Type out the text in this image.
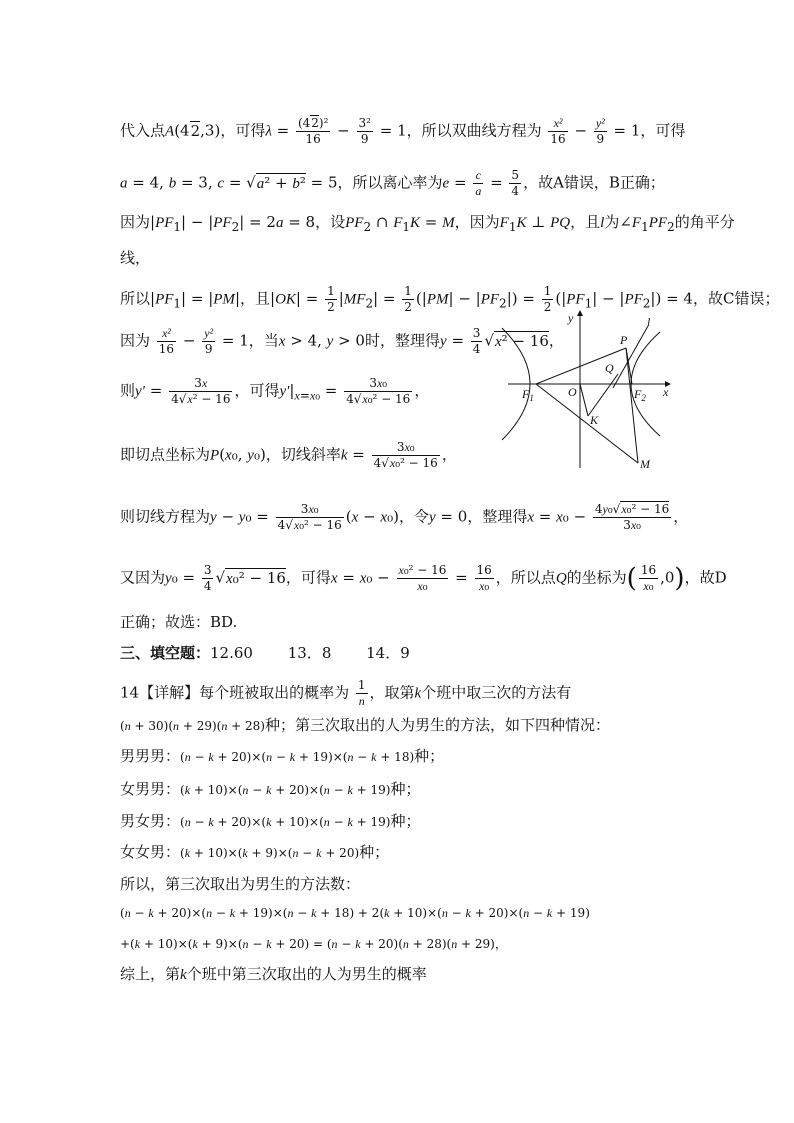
代入点A(42,3)，可得$\lambda = \frac{\text{(42)²}}{16} - \frac{\text{3²}}{9} = 1$，所以双曲线方程为 $\frac{\text{x²}}{16} - \frac{\text{y²}}{9} = 1$，可得
a = 4, b = 3, c = √a² + b² = 5，所以离心率为$e = \frac{c}{a} = \frac{5}{4}$ ，故A错误，B正确；
因为$|PF_1| - |PF_2| = 2a = 8$，设$PF_2$ ∩ $F_1K = M$，因为$F_1K$ ⊥ PQ，且l为$\angle F_1PF_2$的角平分
线，
所以$|PF_1| = |PM|$，且$|OK| = \frac{1}{2} |MF_2| = \frac{1}{2} (|PM| - |PF_2|) = \frac{1}{2} (|PF_1| - |PF_2|) = 4$，故C错误；
因为 $\frac{\text{x²}}{16} - \frac{\text{y²}}{9} = 1$，当x > 4, y > 0时，整理得$y = \frac{3}{4} √x^2 - 16$，
则$y' = \frac{3x}{\text{4√x² − 16}}$ ，可得$y'|_{x=x_0} = \frac{\text{3x₀}}{\text{4√x₀² − 16}}$ ，
即切点坐标为P(x₀, y₀)，切线斜率$k = \frac{\text{3x₀}}{\text{4√x₀² − 16}}$ ，
则切线方程为$y - y_0 = \frac{\text{3x₀}}{\text{4√x₀² − 16}} (x - x_0)$，令y = 0，整理得$x = x_0 - \frac{\text{4y₀√x₀² − 16}}{\text{3x₀}}$ ，
又因为$y_0 = \frac{3}{4} √x_0^2 - 16$，可得$x = x_0 - \frac{\text{x₀² − 16}}{\text{x₀}} = \frac{16}{\text{x₀}}$ ，所以点Q的坐标为( $\frac{16}{\text{x₀}} ,0$)，故D
正确；故选：BD.
三、填空题：12.60　　 13．8　　 14．9
14【详解】每个班被取出的概率为 $\frac{1}{n}$ ，取第k个班中取三次的方法有
(n + 30)(n + 29)(n + 28)种；第三次取出的人为男生的方法，如下四种情况：
男男男：(n − k + 20)×(n − k + 19)×(n − k + 18)种；
女男男：(k + 10)×(n − k + 20)×(n − k + 19)种；
男女男：(n − k + 20)×(k + 10)×(n − k + 19)种；
女女男：(k + 10)×(k + 9)×(n − k + 20)种；
所以，第三次取出为男生的方法数：
(n − k + 20)×(n − k + 19)×(n − k + 18) + 2(k + 10)×(n − k + 20)×(n − k + 19)
+(k + 10)×(k + 9)×(n − k + 20) = (n − k + 20)(n + 28)(n + 29)，
综上，第k个班中第三次取出的人为男生的概率
y
x
l
P
Q
O
$F_1$	$F_2$
K
M
